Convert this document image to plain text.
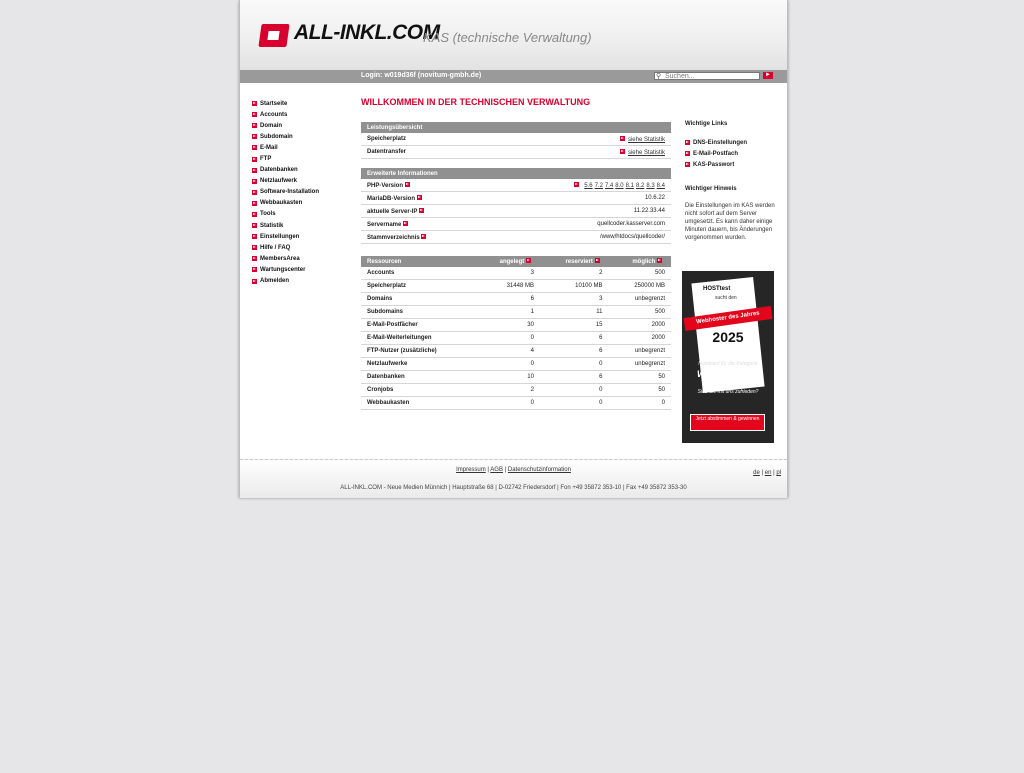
ALL-INKL.COM
KAS (technische Verwaltung)
Login: w019d36f (novitum-gmbh.de)	⚲ Suchen...	►
Startseite
Accounts
Domain
Subdomain
E-Mail
FTP
Datenbanken
Netzlaufwerk
Software-Installation
Webbaukasten
Tools
Statistik
Einstellungen
Hilfe / FAQ
MembersArea
Wartungscenter
Abmelden
WILLKOMMEN IN DER TECHNISCHEN VERWALTUNG
Leistungsübersicht	
Speicherplatz	siehe Statistik
Datentransfer	siehe Statistik
Erweiterte Informationen	
PHP-Version	5.6 7.2 7.4 8.0 8.1 8.2 8.3 8.4
MariaDB-Version	10.6.22
aktuelle Server-IP	11.22.33.44
Servername	quellcoder.kasserver.com
Stammverzeichnis	/www/htdocs/quellcoder/
Ressourcen	angelegt	reserviert	möglich
Accounts	3	2	500
Speicherplatz	31448 MB	10100 MB	250000 MB
Domains	6	3	unbegrenzt
Subdomains	1	11	500
E-Mail-Postfächer	30	15	2000
E-Mail-Weiterleitungen	0	6	2000
FTP-Nutzer (zusätzliche)	4	6	unbegrenzt
Netzlaufwerke	0	0	unbegrenzt
Datenbanken	10	6	50
Cronjobs	2	0	50
Webbaukasten	0	0	0
Wichtige Links
DNS-Einstellungen
E-Mail-Postfach
KAS-Passwort
Wichtiger Hinweis
Die Einstellungen im KAS werden nicht sofort auf dem Server umgesetzt. Es kann daher einige Minuten dauern, bis Änderungen vorgenommen wurden.
HOSTtest
sucht den
Webhoster des Jahres
2025
Nominiert für die Kategorie
WEBHOSTING
Sind Sie mit uns zufrieden?
Jetzt abstimmen & gewinnen
Impressum | AGB | Datenschutzinformation	de | en | pl
ALL-INKL.COM - Neue Medien Münnich | Hauptstraße 68 | D-02742 Friedersdorf | Fon +49 35872 353-10 | Fax +49 35872 353-30
